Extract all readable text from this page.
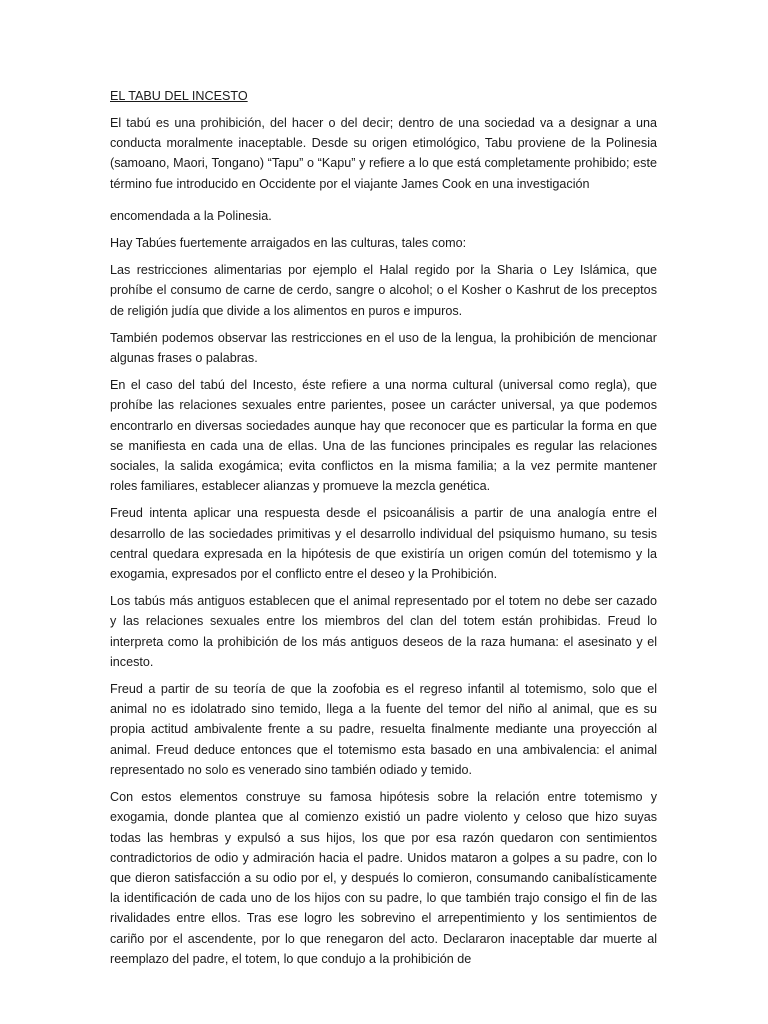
EL TABU DEL INCESTO

El tabú es una prohibición, del hacer o del decir; dentro de una sociedad va a designar a una conducta moralmente inaceptable. Desde su origen etimológico, Tabu proviene de la Polinesia (samoano, Maori, Tongano) “Tapu” o “Kapu” y refiere a lo que está completamente prohibido; este término fue introducido en Occidente por el viajante James Cook en una investigación

encomendada a la Polinesia.

Hay Tabúes fuertemente arraigados en las culturas, tales como:

Las restricciones alimentarias por ejemplo el Halal regido por la Sharia o Ley Islámica, que prohíbe el consumo de carne de cerdo, sangre o alcohol; o el Kosher o Kashrut de los preceptos de religión judía que divide a los alimentos en puros e impuros.

También podemos observar las restricciones en el uso de la lengua, la prohibición de mencionar algunas frases o palabras.

En el caso del tabú del Incesto, éste refiere a una norma cultural (universal como regla), que prohíbe las relaciones sexuales entre parientes, posee un carácter universal, ya que podemos encontrarlo en diversas sociedades aunque hay que reconocer que es particular la forma en que se manifiesta en cada una de ellas. Una de las funciones principales es regular las relaciones sociales, la salida exogámica; evita conflictos en la misma familia; a la vez permite mantener roles familiares, establecer alianzas y promueve la mezcla genética.

Freud intenta aplicar una respuesta desde el psicoanálisis a partir de una analogía entre el desarrollo de las sociedades primitivas y el desarrollo individual del psiquismo humano, su tesis central quedara expresada en la hipótesis de que existiría un origen común del totemismo y la exogamia, expresados por el conflicto entre el deseo y la Prohibición.

Los tabús más antiguos establecen que el animal representado por el totem no debe ser cazado y las relaciones sexuales entre los miembros del clan del totem están prohibidas. Freud lo interpreta como la prohibición de los más antiguos deseos de la raza humana: el asesinato y el incesto.

Freud a partir de su teoría de que la zoofobia es el regreso infantil al totemismo, solo que el animal no es idolatrado sino temido, llega a la fuente del temor del niño al animal, que es su propia actitud ambivalente frente a su padre, resuelta finalmente mediante una proyección al animal. Freud deduce entonces que el totemismo esta basado en una ambivalencia: el animal representado no solo es venerado sino también odiado y temido.

Con estos elementos construye su famosa hipótesis sobre la relación entre totemismo y exogamia, donde plantea que al comienzo existió un padre violento y celoso que hizo suyas todas las hembras y expulsó a sus hijos, los que por esa razón quedaron con sentimientos contradictorios de odio y admiración hacia el padre. Unidos mataron a golpes a su padre, con lo que dieron satisfacción a su odio por el, y después lo comieron, consumando canibalísticamente la identificación de cada uno de los hijos con su padre, lo que también trajo consigo el fin de las rivalidades entre ellos. Tras ese logro les sobrevino el arrepentimiento y los sentimientos de cariño por el ascendente, por lo que renegaron del acto. Declararon inaceptable dar muerte al reemplazo del padre, el totem, lo que condujo a la prohibición de
